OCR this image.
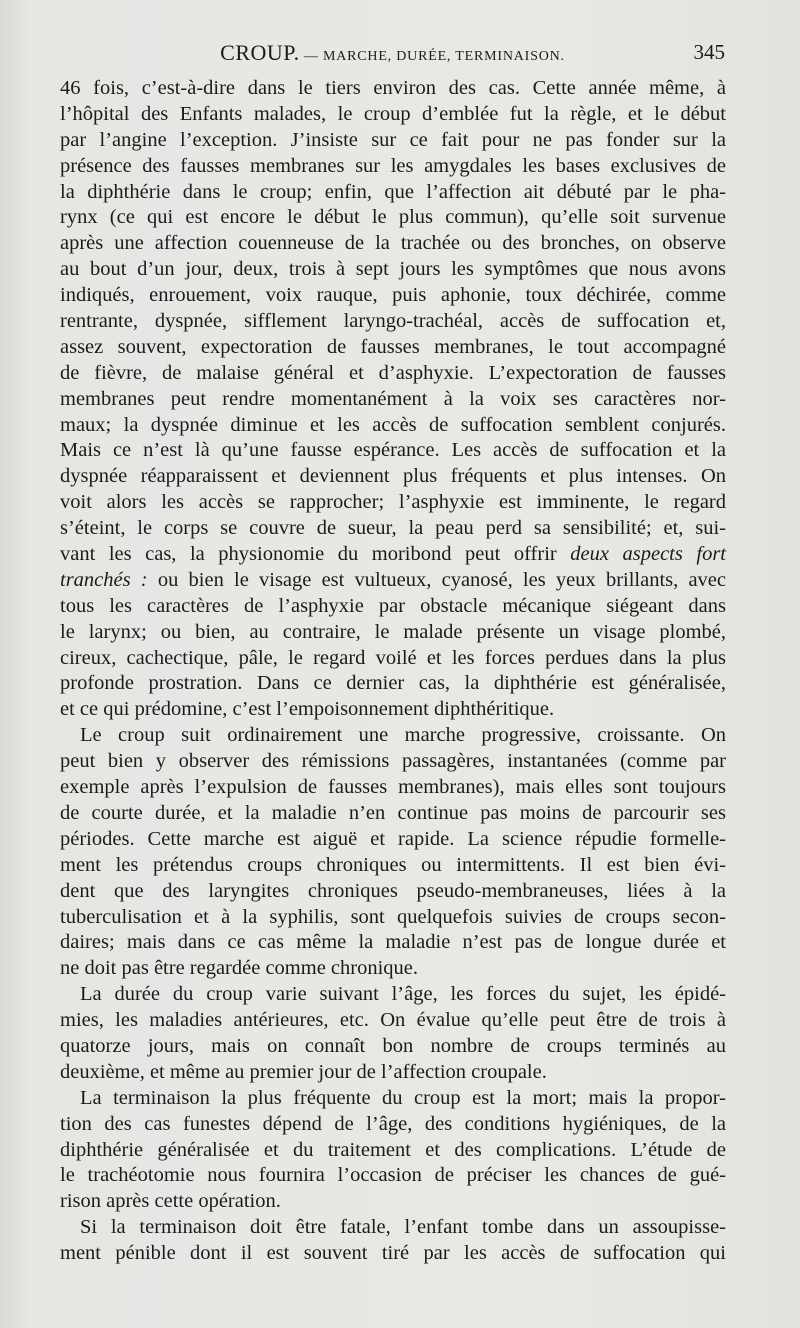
CROUP. — MARCHE, DURÉE, TERMINAISON.	345
46 fois, c’est-à-dire dans le tiers environ des cas. Cette année même, à
l’hôpital des Enfants malades, le croup d’emblée fut la règle, et le début
par l’angine l’exception. J’insiste sur ce fait pour ne pas fonder sur la
présence des fausses membranes sur les amygdales les bases exclusives de
la diphthérie dans le croup; enfin, que l’affection ait débuté par le pha-
rynx (ce qui est encore le début le plus commun), qu’elle soit survenue
après une affection couenneuse de la trachée ou des bronches, on observe
au bout d’un jour, deux, trois à sept jours les symptômes que nous avons
indiqués, enrouement, voix rauque, puis aphonie, toux déchirée, comme
rentrante, dyspnée, sifflement laryngo-trachéal, accès de suffocation et,
assez souvent, expectoration de fausses membranes, le tout accompagné
de fièvre, de malaise général et d’asphyxie. L’expectoration de fausses
membranes peut rendre momentanément à la voix ses caractères nor-
maux; la dyspnée diminue et les accès de suffocation semblent conjurés.
Mais ce n’est là qu’une fausse espérance. Les accès de suffocation et la
dyspnée réapparaissent et deviennent plus fréquents et plus intenses. On
voit alors les accès se rapprocher; l’asphyxie est imminente, le regard
s’éteint, le corps se couvre de sueur, la peau perd sa sensibilité; et, sui-
vant les cas, la physionomie du moribond peut offrir deux aspects fort
tranchés : ou bien le visage est vultueux, cyanosé, les yeux brillants, avec
tous les caractères de l’asphyxie par obstacle mécanique siégeant dans
le larynx; ou bien, au contraire, le malade présente un visage plombé,
cireux, cachectique, pâle, le regard voilé et les forces perdues dans la plus
profonde prostration. Dans ce dernier cas, la diphthérie est généralisée,
et ce qui prédomine, c’est l’empoisonnement diphthéritique.
Le croup suit ordinairement une marche progressive, croissante. On
peut bien y observer des rémissions passagères, instantanées (comme par
exemple après l’expulsion de fausses membranes), mais elles sont toujours
de courte durée, et la maladie n’en continue pas moins de parcourir ses
périodes. Cette marche est aiguë et rapide. La science répudie formelle-
ment les prétendus croups chroniques ou intermittents. Il est bien évi-
dent que des laryngites chroniques pseudo-membraneuses, liées à la
tuberculisation et à la syphilis, sont quelquefois suivies de croups secon-
daires; mais dans ce cas même la maladie n’est pas de longue durée et
ne doit pas être regardée comme chronique.
La durée du croup varie suivant l’âge, les forces du sujet, les épidé-
mies, les maladies antérieures, etc. On évalue qu’elle peut être de trois à
quatorze jours, mais on connaît bon nombre de croups terminés au
deuxième, et même au premier jour de l’affection croupale.
La terminaison la plus fréquente du croup est la mort; mais la propor-
tion des cas funestes dépend de l’âge, des conditions hygiéniques, de la
diphthérie généralisée et du traitement et des complications. L’étude de
le trachéotomie nous fournira l’occasion de préciser les chances de gué-
rison après cette opération.
Si la terminaison doit être fatale, l’enfant tombe dans un assoupisse-
ment pénible dont il est souvent tiré par les accès de suffocation qui
